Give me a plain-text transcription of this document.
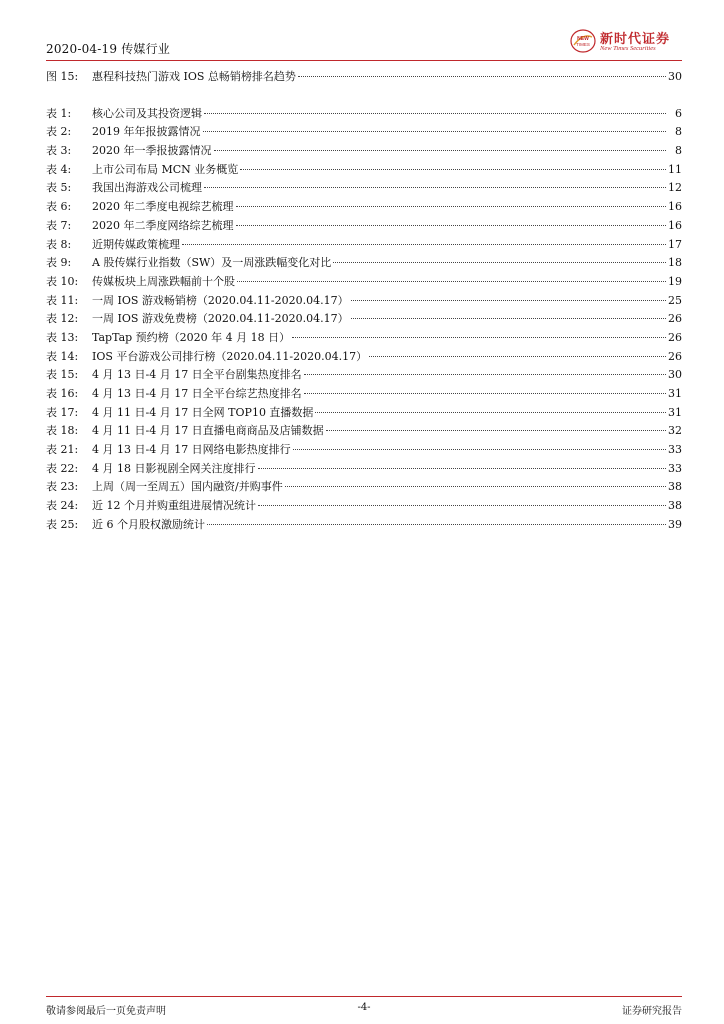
2020-04-19 传媒行业
NEW
TIMES 新时代证券
New Times Securities
图 15:	惠程科技热门游戏 IOS 总畅销榜排名趋势	30
表 1:	核心公司及其投资逻辑	6
表 2:	2019 年年报披露情况	8
表 3:	2020 年一季报披露情况	8
表 4:	上市公司布局 MCN 业务概览	11
表 5:	我国出海游戏公司梳理	12
表 6:	2020 年二季度电视综艺梳理	16
表 7:	2020 年二季度网络综艺梳理	16
表 8:	近期传媒政策梳理	17
表 9:	A 股传媒行业指数（SW）及一周涨跌幅变化对比	18
表 10:	传媒板块上周涨跌幅前十个股	19
表 11:	一周 IOS 游戏畅销榜（2020.04.11-2020.04.17）	25
表 12:	一周 IOS 游戏免费榜（2020.04.11-2020.04.17）	26
表 13:	TapTap 预约榜（2020 年 4 月 18 日）	26
表 14:	IOS 平台游戏公司排行榜（2020.04.11-2020.04.17）	26
表 15:	4 月 13 日-4 月 17 日全平台剧集热度排名	30
表 16:	4 月 13 日-4 月 17 日全平台综艺热度排名	31
表 17:	4 月 11 日-4 月 17 日全网 TOP10 直播数据	31
表 18:	4 月 11 日-4 月 17 日直播电商商品及店铺数据	32
表 21:	4 月 13 日-4 月 17 日网络电影热度排行	33
表 22:	4 月 18 日影视剧全网关注度排行	33
表 23:	上周（周一至周五）国内融资/并购事件	38
表 24:	近 12 个月并购重组进展情况统计	38
表 25:	近 6 个月股权激励统计	39
敬请参阅最后一页免责声明	-4-	证券研究报告
